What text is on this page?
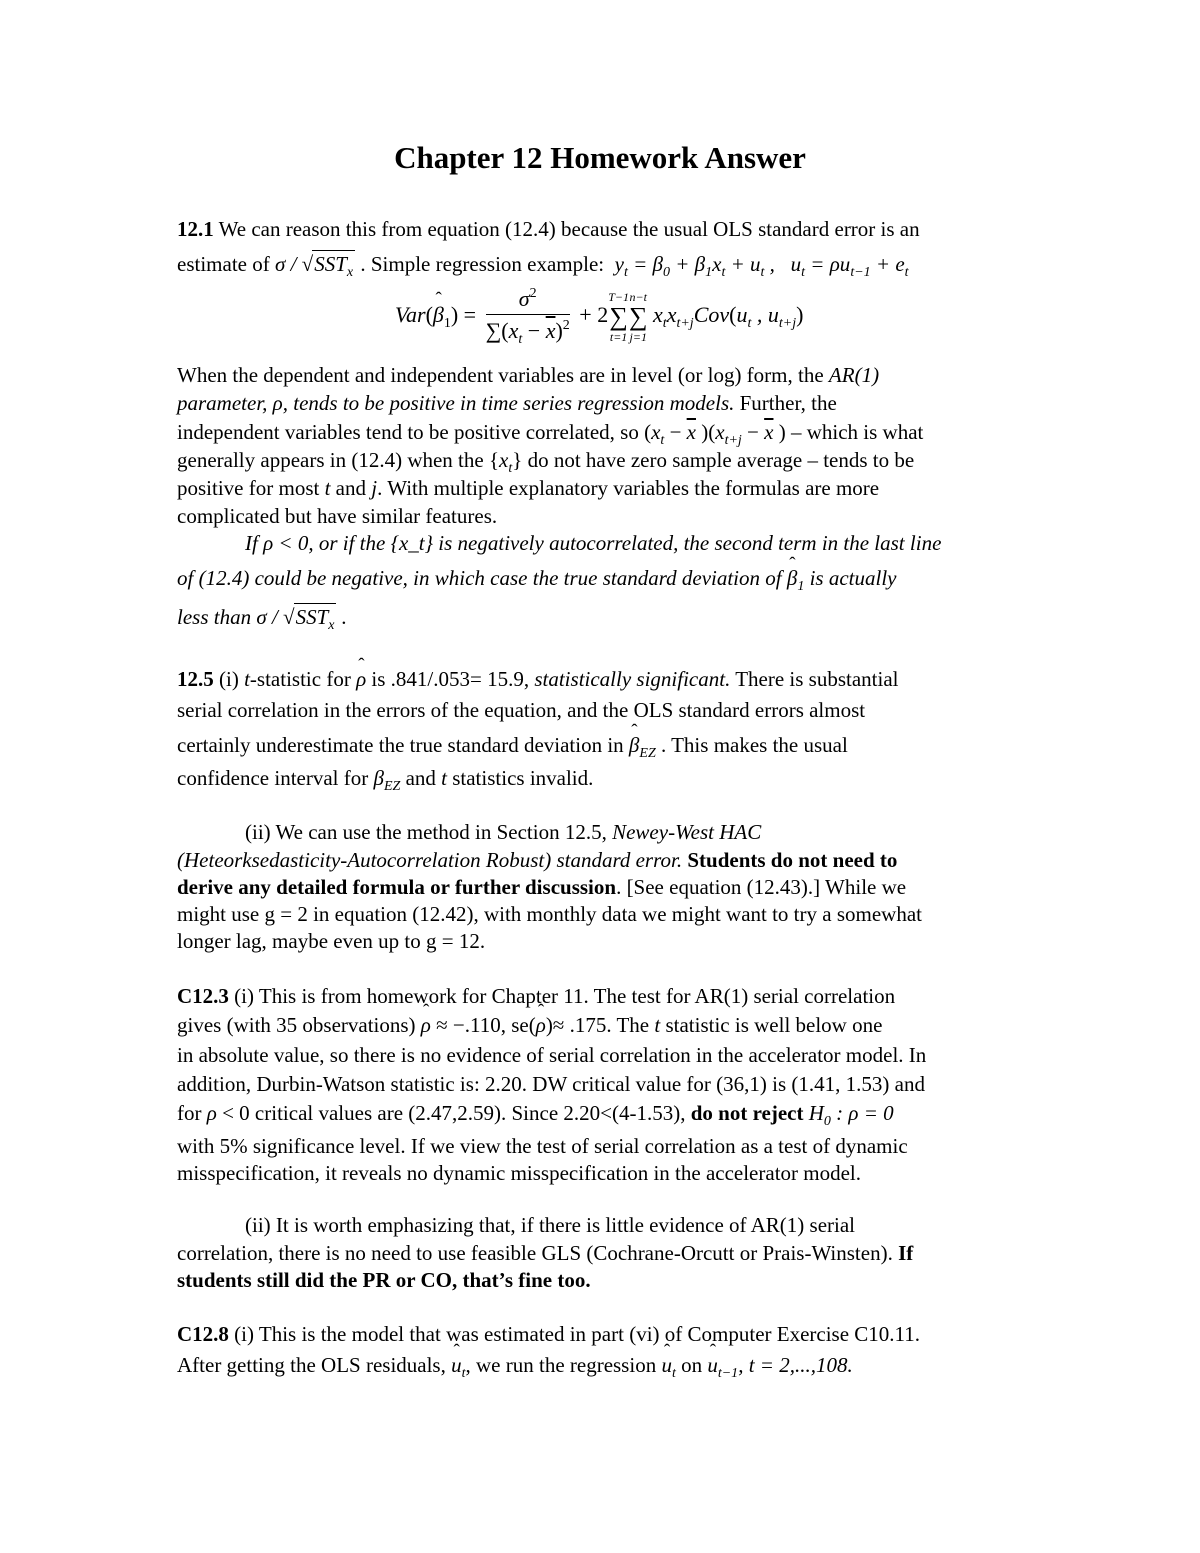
Chapter 12 Homework Answer
12.1 We can reason this from equation (12.4) because the usual OLS standard error is an
estimate of σ / $√SST_x$ . Simple regression example: $y_t = \beta_0 + \beta_1x_t + u_t$ , $u_t = \rho u_{t-1} + e_t$
Var(ˆ $\beta_1) = \frac{\sigma^2}{\sum(x_t - \overline{x})^2} + 2$
T−1
∑
t=1
n−t
∑
j=1
$x_tx_{t+j}Cov(u_t$ , $u_{t+j}$)
When the dependent and independent variables are in level (or log) form, the AR(1)
parameter, ρ, tends to be positive in time series regression models. Further, the
independent variables tend to be positive correlated, so ($x_t - \overline{x}$ )($x_{t+j} - \overline{x}$ ) – which is what
generally appears in (12.4) when the $\{x_t\}$ do not have zero sample average – tends to be
positive for most t and j. With multiple explanatory variables the formulas are more
complicated but have similar features.
If ρ < 0, or if the {x_t} is negatively autocorrelated, the second term in the last line
of (12.4) could be negative, in which case the true standard deviation of ˆ $\beta_1$ is actually
less than σ / $√SST_x$ .
12.5 (i) t-statistic for ˆ ρ is .841/.053= 15.9, statistically significant. There is substantial
serial correlation in the errors of the equation, and the OLS standard errors almost
certainly underestimate the true standard deviation in ˆ $\beta_{EZ}$ . This makes the usual
confidence interval for $\beta_{EZ}$ and t statistics invalid.
(ii) We can use the method in Section 12.5, Newey-West HAC
(Heteorksedasticity-Autocorrelation Robust) standard error. Students do not need to
derive any detailed formula or further discussion. [See equation (12.43).] While we
might use g = 2 in equation (12.42), with monthly data we might want to try a somewhat
longer lag, maybe even up to g = 12.
C12.3 (i) This is from homework for Chapter 11. The test for AR(1) serial correlation
gives (with 35 observations) ˆ ρ ≈ −.110, se(ˆ ρ)≈ .175. The t statistic is well below one
in absolute value, so there is no evidence of serial correlation in the accelerator model. In
addition, Durbin-Watson statistic is: 2.20. DW critical value for (36,1) is (1.41, 1.53) and
for ρ < 0 critical values are (2.47,2.59). Since 2.20<(4-1.53), do not reject $H_0$ : ρ = 0
with 5% significance level. If we view the test of serial correlation as a test of dynamic
misspecification, it reveals no dynamic misspecification in the accelerator model.
(ii) It is worth emphasizing that, if there is little evidence of AR(1) serial
correlation, there is no need to use feasible GLS (Cochrane-Orcutt or Prais-Winsten). If
students still did the PR or CO, that’s fine too.
C12.8 (i) This is the model that was estimated in part (vi) of Computer Exercise C10.11.
After getting the OLS residuals, ˆ $u_t$, we run the regression ˆ $u_t$ on ˆ $u_{t-1}$, t = 2,...,108.
